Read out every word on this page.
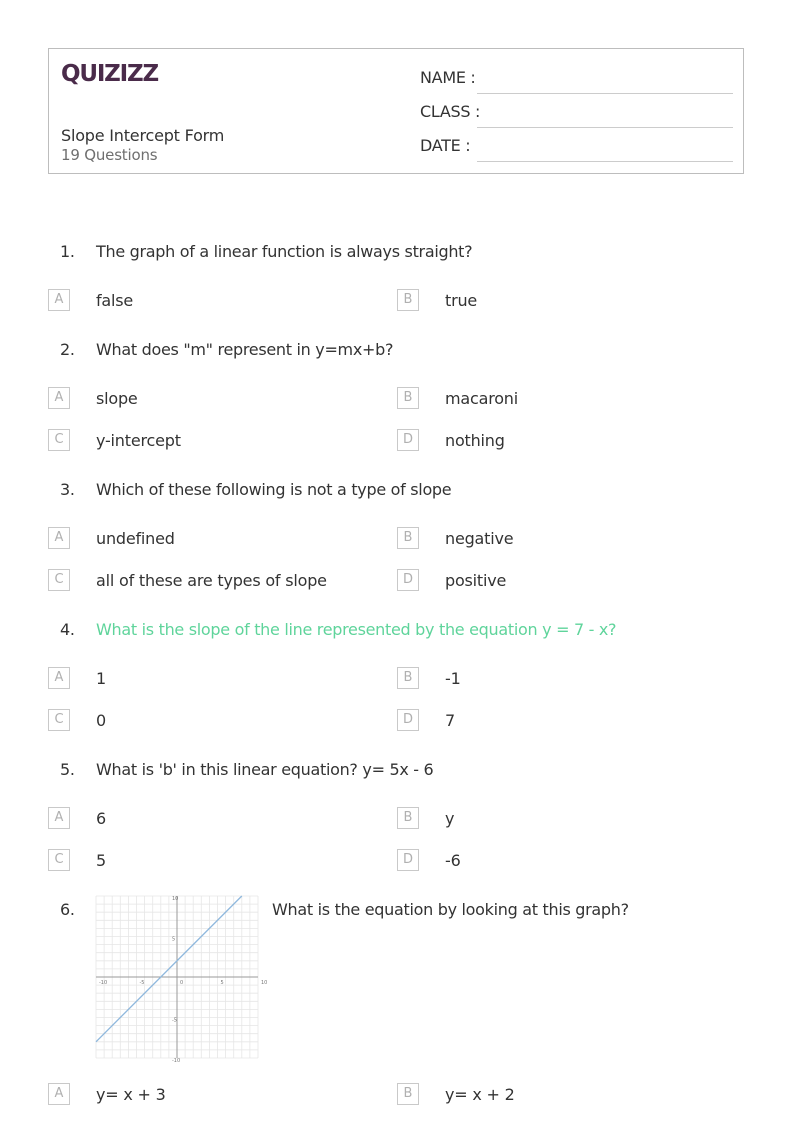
QUIZIZZ
Slope Intercept Form
19 Questions
NAME :
CLASS :
DATE :
1. The graph of a linear function is always straight?
A	false	B	true
2. What does "m" represent in y=mx+b?
A	slope	B	macaroni
C	y-intercept	D	nothing
3. Which of these following is not a type of slope
A	undefined	B	negative
C	all of these are types of slope	D	positive
4. What is the slope of the line represented by the equation y = 7 - x?
A	1	B	-1
C	0	D	7
5. What is 'b' in this linear equation? y= 5x - 6
A	6	B	y
C	5	D	-6
6.	What is the equation by looking at this graph?
-10	-5	0	5	10
10
5
-5
-10
A	y= x + 3	B	y= x + 2
